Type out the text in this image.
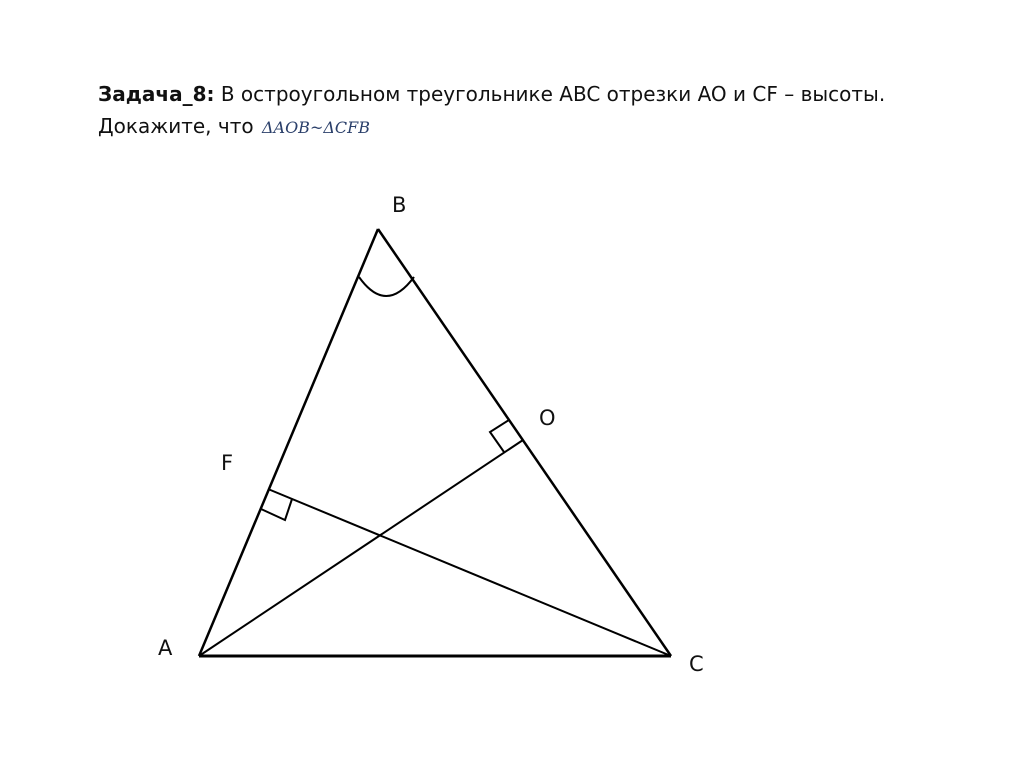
Задача_8: В остроугольном треугольнике ABC отрезки AO и CF – высоты.
Докажите, что ΔAOB~ΔCFB
B
O
F
A
C
